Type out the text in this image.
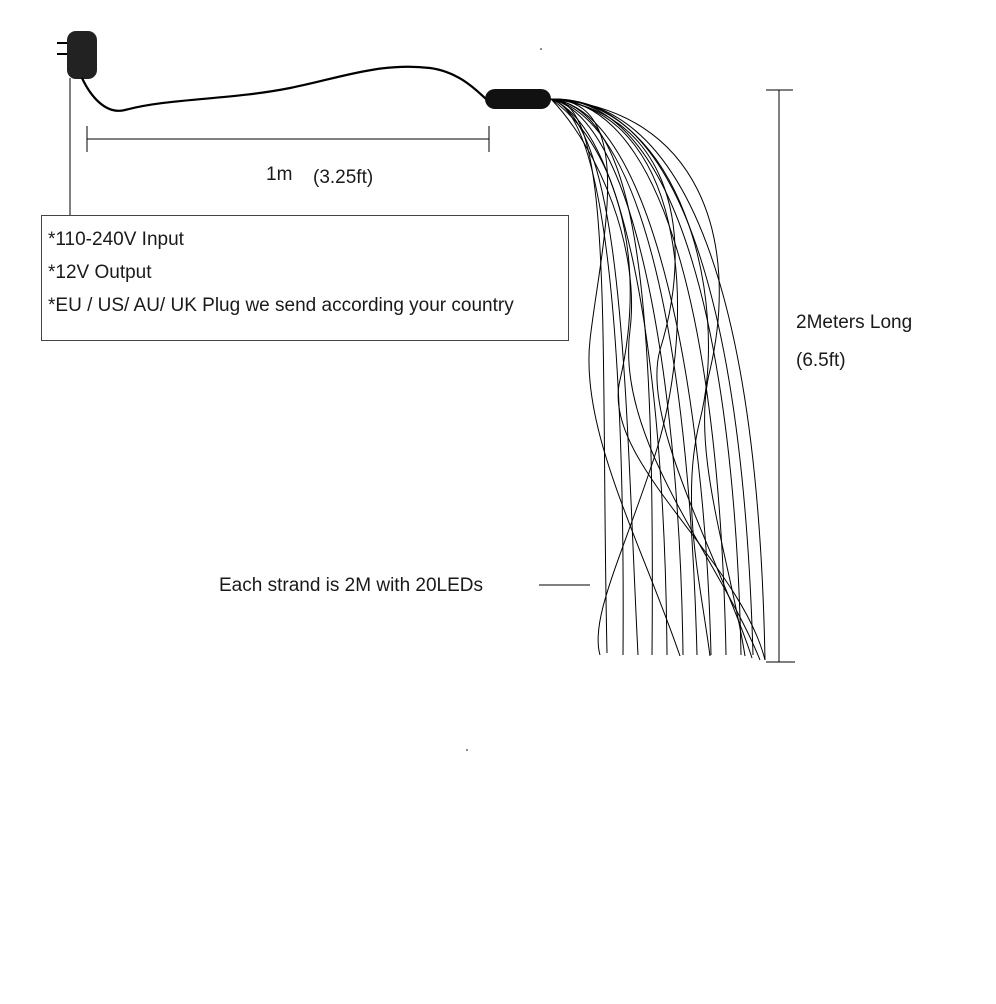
1m (3.25ft)
*110-240V Input
*12V Output
*EU / US/ AU/ UK Plug we send according your country
2Meters Long
(6.5ft)
Each strand is 2M with 20LEDs
